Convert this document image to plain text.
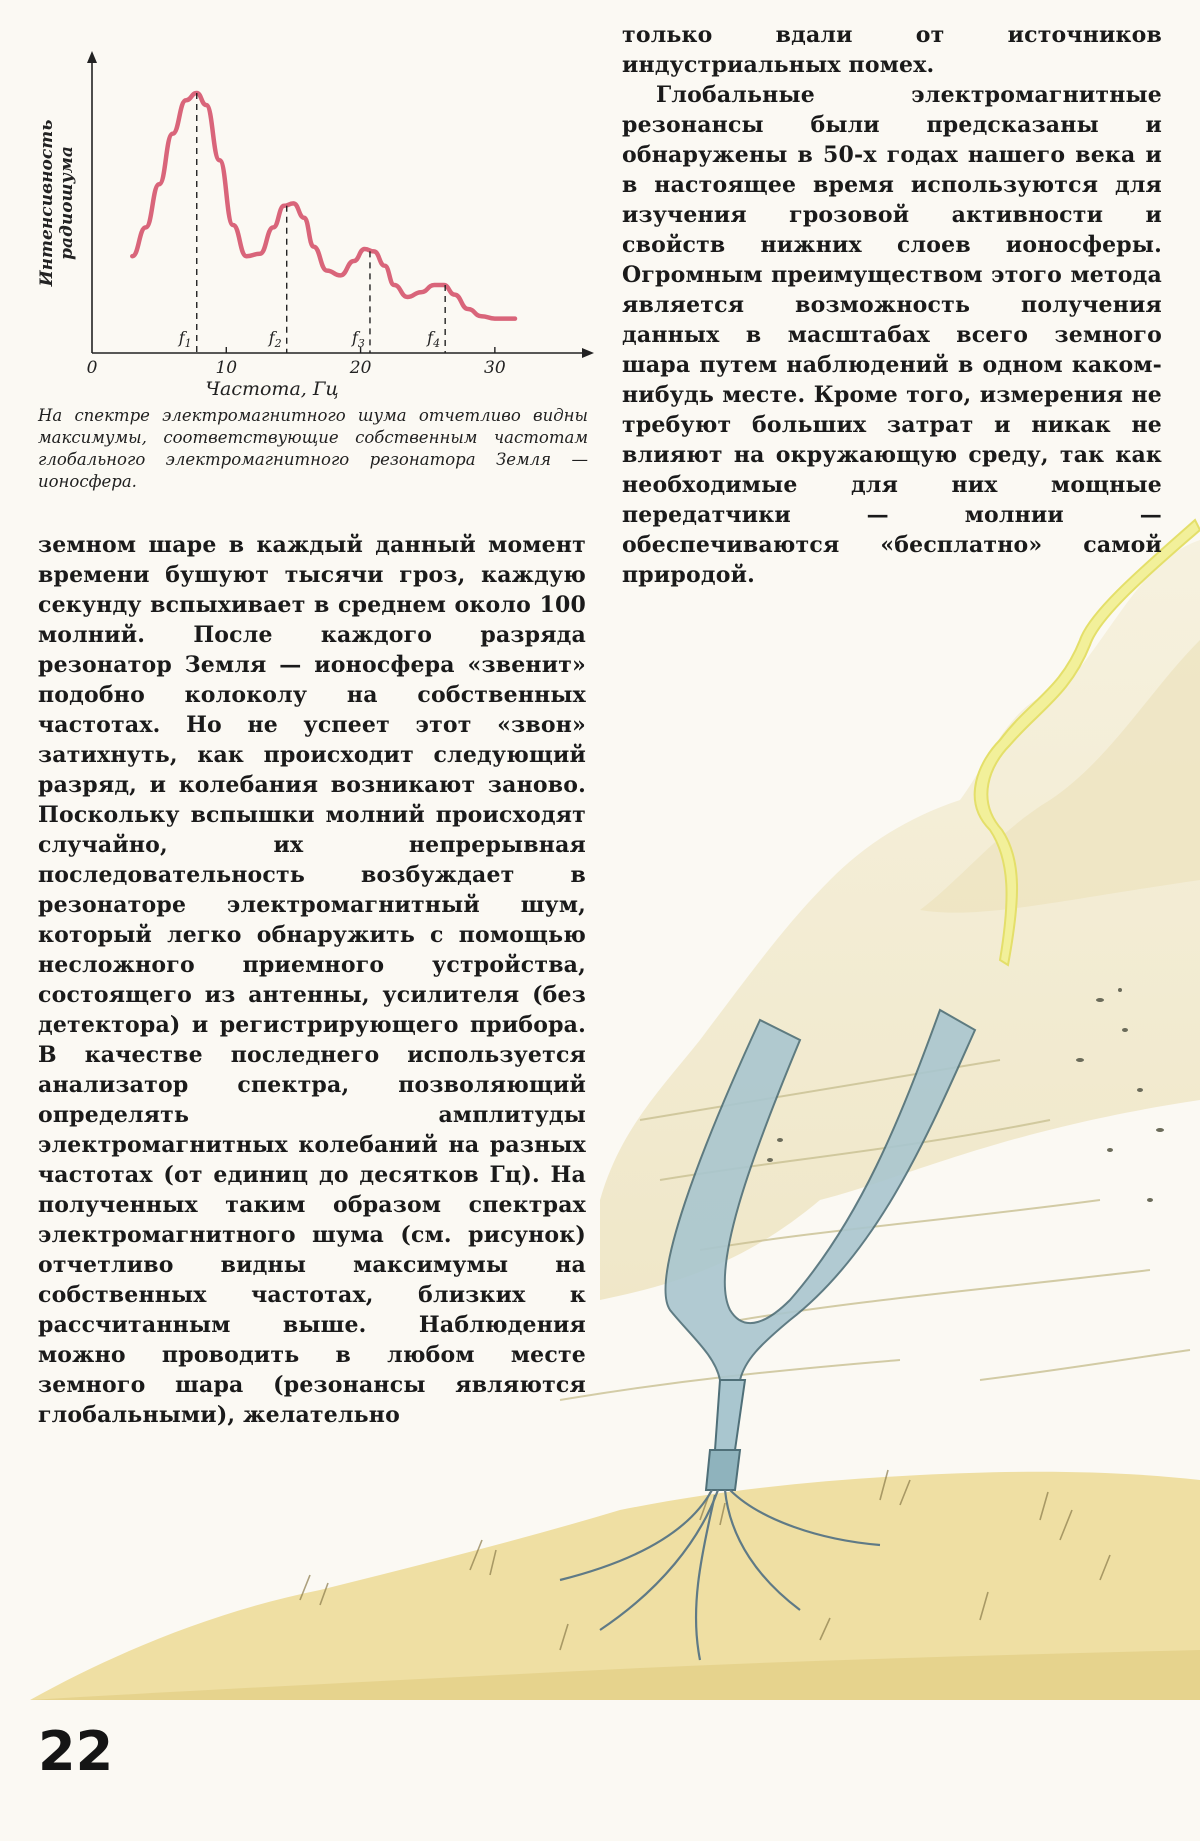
$f_1$	$f_2$	$f_3$	$f_4$
0	10	20	30
Частота, Гц
Интенсивность радиошума
На спектре электромагнитного шума отчетливо видны максимумы, соответствующие собственным частотам глобального электромагнитного резонатора Земля — ионосфера.

земном шаре в каждый данный момент времени бушуют тысячи гроз, каждую секунду вспыхивает в среднем около 100 молний. После каждого разряда резонатор Земля — ионосфера «звенит» подобно колоколу на собственных частотах. Но не успеет этот «звон» затихнуть, как происходит следующий разряд, и колебания возникают заново. Поскольку вспышки молний происходят случайно, их непрерывная последовательность возбуждает в резонаторе электромагнитный шум, который легко обнаружить с помощью несложного приемного устройства, состоящего из антенны, усилителя (без детектора) и регистрирующего прибора. В качестве последнего используется анализатор спектра, позволяющий определять амплитуды электромагнитных колебаний на разных частотах (от единиц до десятков Гц). На полученных таким образом спектрах электромагнитного шума (см. рисунок) отчетливо видны максимумы на собственных частотах, близких к рассчитанным выше. Наблюдения можно проводить в любом месте земного шара (резонансы являются глобальными), желательно

только вдали от источников индустриальных помех.

Глобальные электромагнитные резонансы были предсказаны и обнаружены в 50-х годах нашего века и в настоящее время используются для изучения грозовой активности и свойств нижних слоев ионосферы. Огромным преимуществом этого метода является возможность получения данных в масштабах всего земного шара путем наблюдений в одном каком-нибудь месте. Кроме того, измерения не требуют больших затрат и никак не влияют на окружающую среду, так как необходимые для них мощные передатчики — молнии — обеспечиваются «бесплатно» самой природой.

22
